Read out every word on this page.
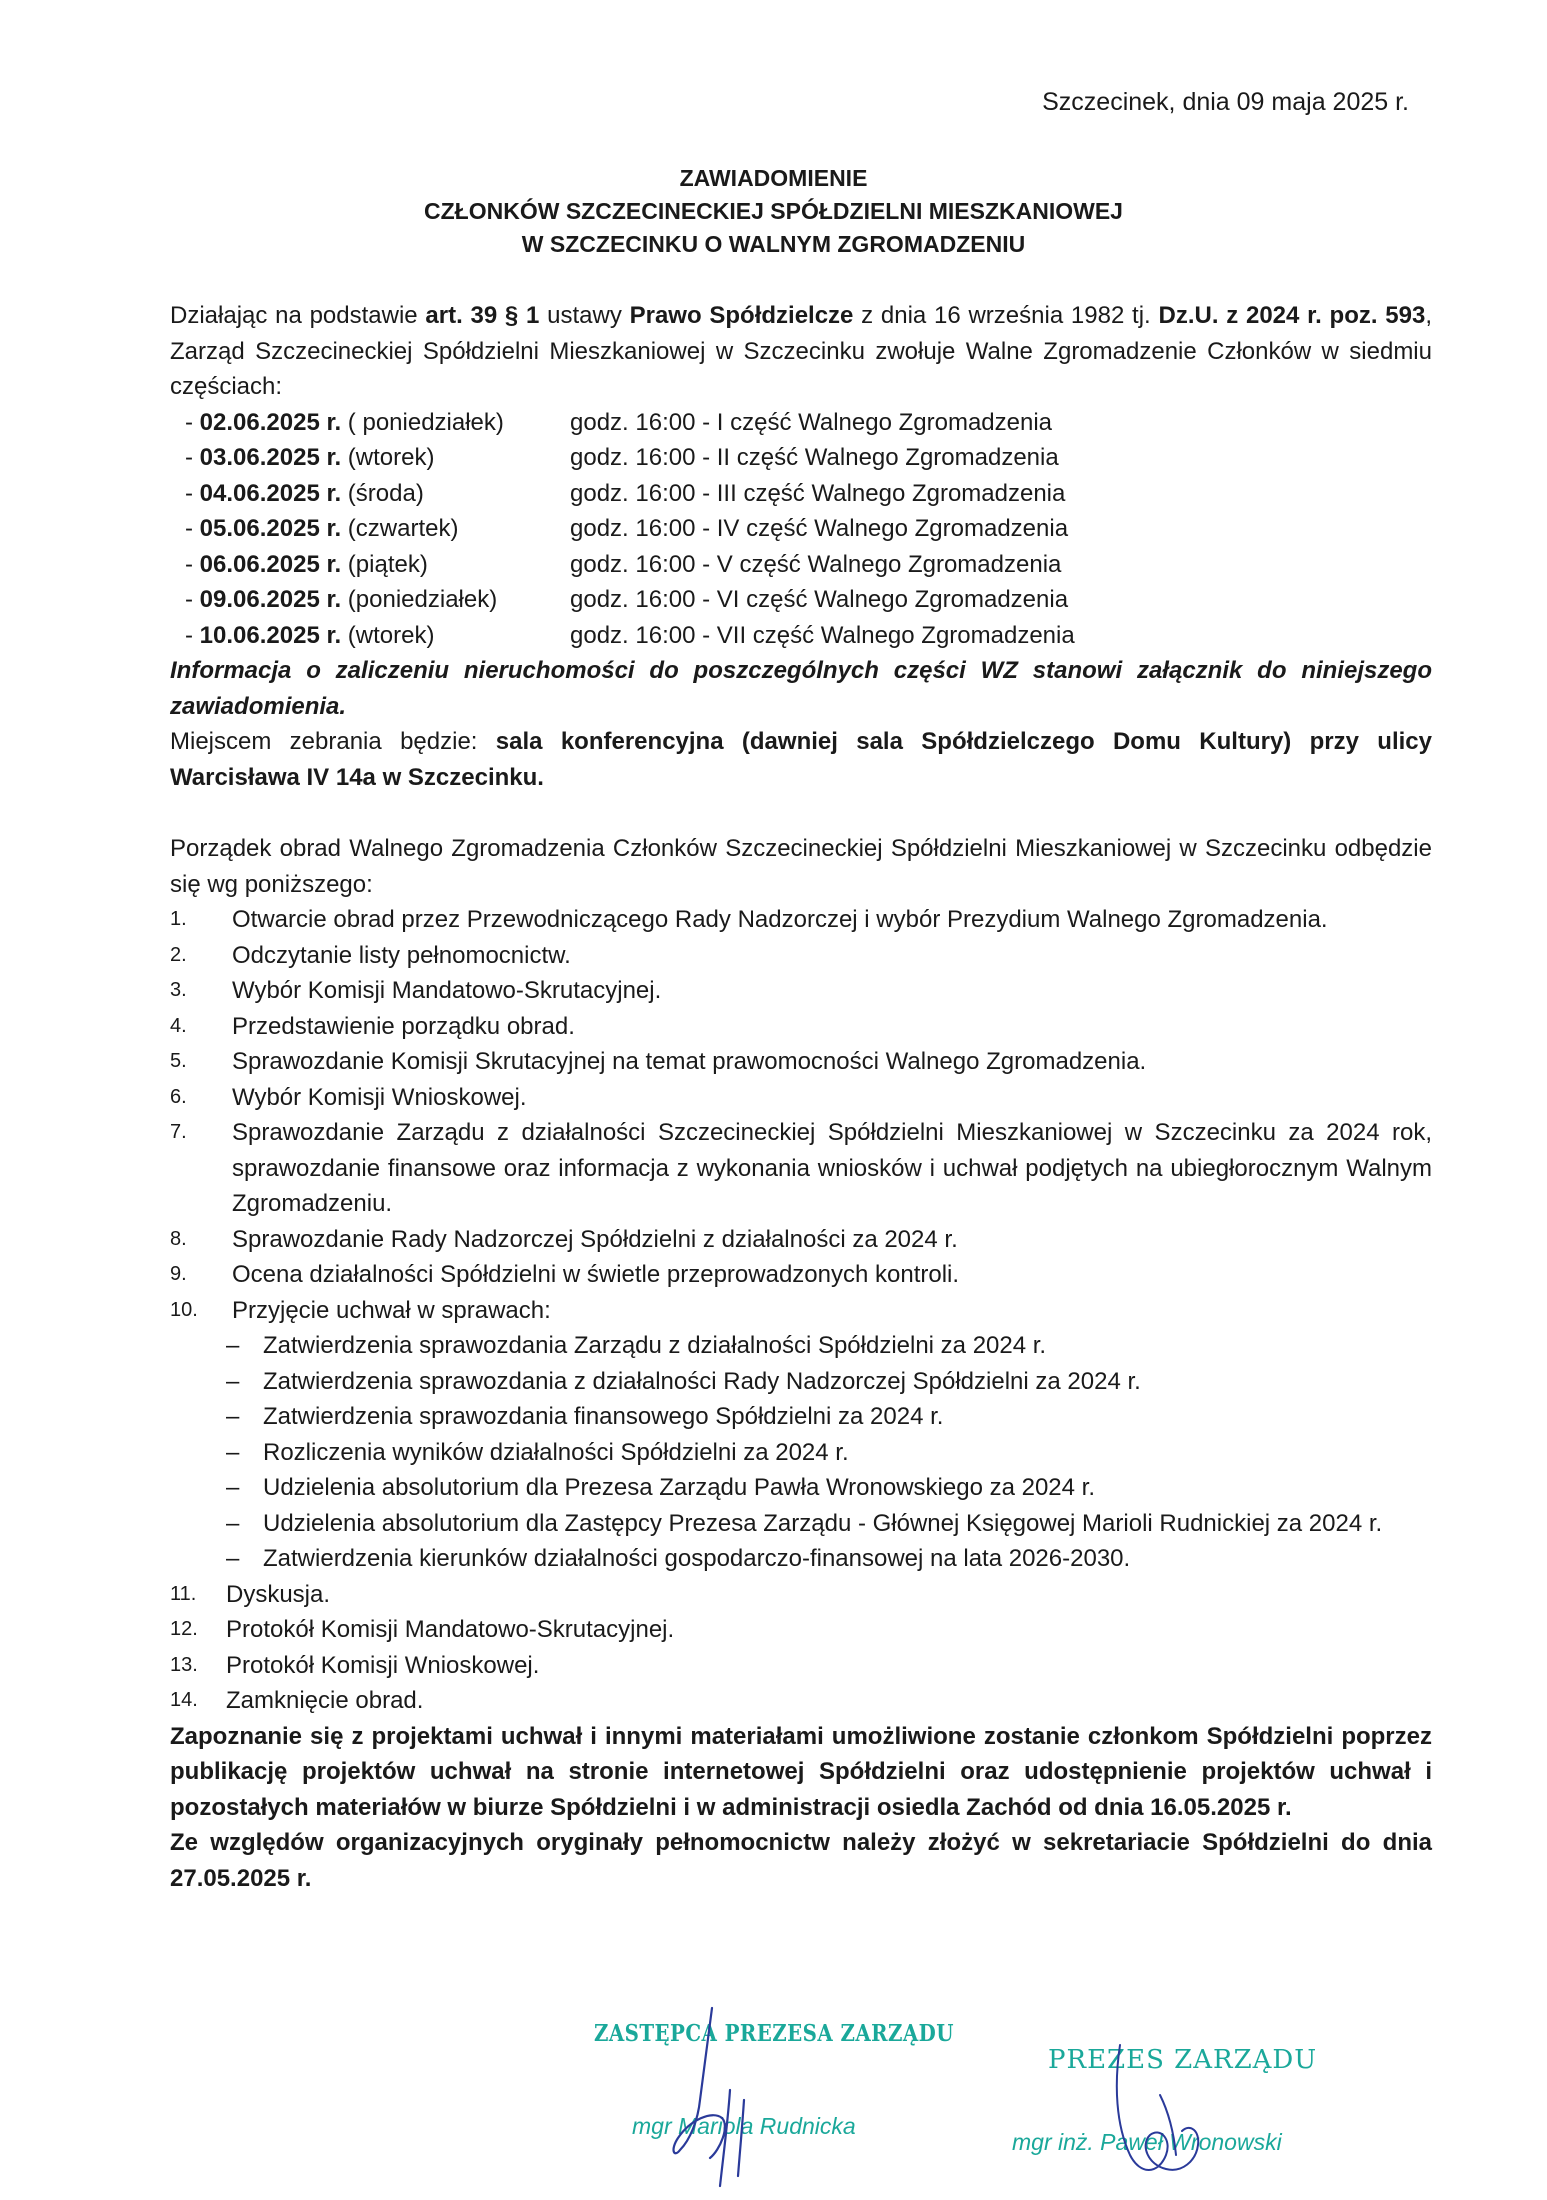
Szczecinek, dnia 09 maja 2025 r.
ZAWIADOMIENIE
CZŁONKÓW SZCZECINECKIEJ SPÓŁDZIELNI MIESZKANIOWEJ
W SZCZECINKU O WALNYM ZGROMADZENIU

Działając na podstawie art. 39 § 1 ustawy Prawo Spółdzielcze z dnia 16 września 1982 tj. Dz.U. z 2024 r. poz. 593, Zarząd Szczecineckiej Spółdzielni Mieszkaniowej w Szczecinku zwołuje Walne Zgromadzenie Członków w siedmiu częściach:

- 02.06.2025 r. ( poniedziałek)	godz. 16:00 - I część Walnego Zgromadzenia
- 03.06.2025 r. (wtorek)	godz. 16:00 - II część Walnego Zgromadzenia
- 04.06.2025 r. (środa)	godz. 16:00 - III część Walnego Zgromadzenia
- 05.06.2025 r. (czwartek)	godz. 16:00 - IV część Walnego Zgromadzenia
- 06.06.2025 r. (piątek)	godz. 16:00 - V część Walnego Zgromadzenia
- 09.06.2025 r. (poniedziałek)	godz. 16:00 - VI część Walnego Zgromadzenia
- 10.06.2025 r. (wtorek)	godz. 16:00 - VII część Walnego Zgromadzenia

Informacja o zaliczeniu nieruchomości do poszczególnych części WZ stanowi załącznik do niniejszego zawiadomienia.

Miejscem zebrania będzie: sala konferencyjna (dawniej sala Spółdzielczego Domu Kultury) przy ulicy Warcisława IV 14a w Szczecinku.

Porządek obrad Walnego Zgromadzenia Członków Szczecineckiej Spółdzielni Mieszkaniowej w Szczecinku odbędzie się wg poniższego:

1.	Otwarcie obrad przez Przewodniczącego Rady Nadzorczej i wybór Prezydium Walnego Zgromadzenia.
2.	Odczytanie listy pełnomocnictw.
3.	Wybór Komisji Mandatowo-Skrutacyjnej.
4.	Przedstawienie porządku obrad.
5.	Sprawozdanie Komisji Skrutacyjnej na temat prawomocności Walnego Zgromadzenia.
6.	Wybór Komisji Wnioskowej.
7.	Sprawozdanie Zarządu z działalności Szczecineckiej Spółdzielni Mieszkaniowej w Szczecinku za 2024 rok, sprawozdanie finansowe oraz informacja z wykonania wniosków i uchwał podjętych na ubiegłorocznym Walnym Zgromadzeniu.
8.	Sprawozdanie Rady Nadzorczej Spółdzielni z działalności za 2024 r.
9.	Ocena działalności Spółdzielni w świetle przeprowadzonych kontroli.
10.	Przyjęcie uchwał w sprawach:
– Zatwierdzenia sprawozdania Zarządu z działalności Spółdzielni za 2024 r.
– Zatwierdzenia sprawozdania z działalności Rady Nadzorczej Spółdzielni za 2024 r.
– Zatwierdzenia sprawozdania finansowego Spółdzielni za 2024 r.
– Rozliczenia wyników działalności Spółdzielni za 2024 r.
– Udzielenia absolutorium dla Prezesa Zarządu Pawła Wronowskiego za 2024 r.
– Udzielenia absolutorium dla Zastępcy Prezesa Zarządu - Głównej Księgowej Marioli Rudnickiej za 2024 r.
– Zatwierdzenia kierunków działalności gospodarczo-finansowej na lata 2026-2030.
11.	Dyskusja.
12.	Protokół Komisji Mandatowo-Skrutacyjnej.
13.	Protokół Komisji Wnioskowej.
14.	Zamknięcie obrad.

Zapoznanie się z projektami uchwał i innymi materiałami umożliwione zostanie członkom Spółdzielni poprzez publikację projektów uchwał na stronie internetowej Spółdzielni oraz udostępnienie projektów uchwał i pozostałych materiałów w biurze Spółdzielni i w administracji osiedla Zachód od dnia 16.05.2025 r.

Ze względów organizacyjnych oryginały pełnomocnictw należy złożyć w sekretariacie Spółdzielni do dnia 27.05.2025 r.

ZASTĘPCA PREZESA ZARZĄDU
mgr Mariola Rudnicka
PREZES ZARZĄDU
mgr inż. Paweł Wronowski
